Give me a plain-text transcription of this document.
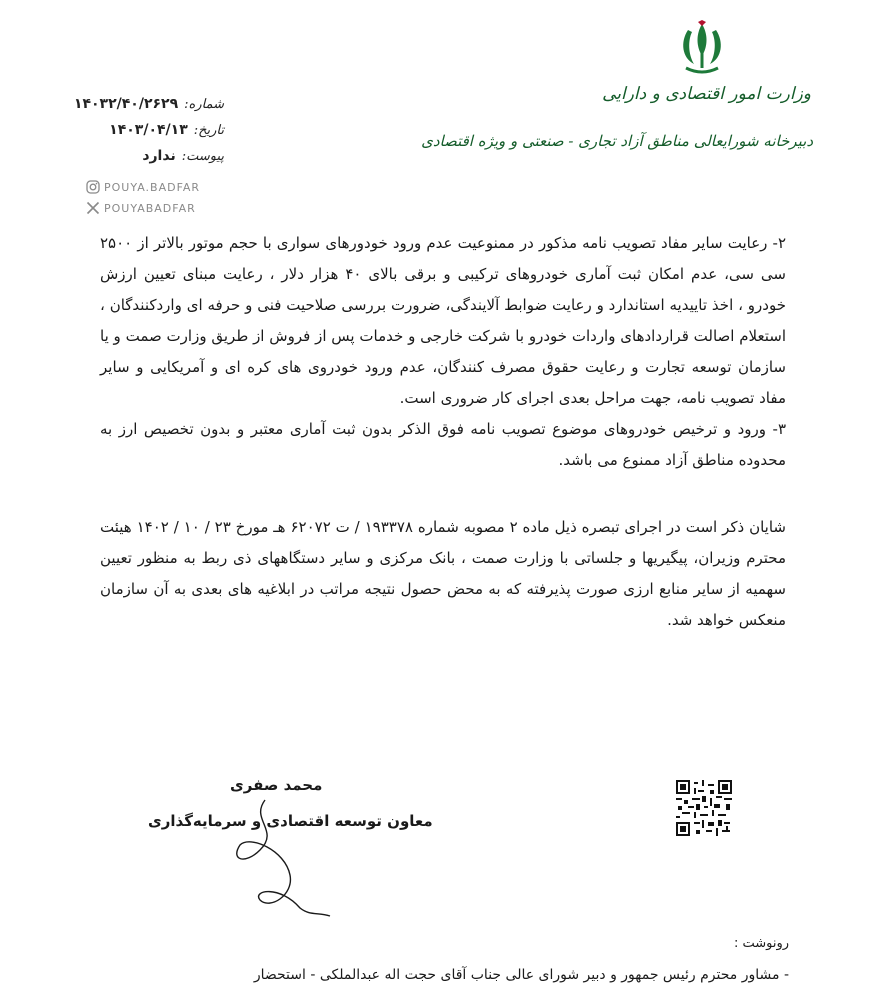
وزارت امور اقتصادی و دارایی
دبیرخانه شورایعالی مناطق آزاد تجاری - صنعتی و ویژه اقتصادی
شماره:
۱۴۰۳۲/۴۰/۲۶۲۹
تاریخ:
۱۴۰۳/۰۴/۱۳
پیوست:
ندارد
POUYA.BADFAR
POUYABADFAR

۲- رعایت سایر مفاد تصویب نامه مذکور در ممنوعیت عدم ورود خودورهای سواری با حجم موتور بالاتر از ۲۵۰۰ سی سی، عدم امکان ثبت آماری خودروهای ترکیبی و برقی بالای ۴۰ هزار دلار ، رعایت مبنای تعیین ارزش خودرو ، اخذ تاییدیه استاندارد و رعایت ضوابط آلایندگی، ضرورت بررسی صلاحیت فنی و حرفه ای واردکنندگان ، استعلام اصالت قراردادهای واردات خودرو با شرکت خارجی و خدمات پس از فروش از طریق وزارت صمت و یا سازمان توسعه تجارت و رعایت حقوق مصرف کنندگان، عدم ورود خودروی های کره ای و آمریکایی و سایر مفاد تصویب نامه، جهت مراحل بعدی اجرای کار ضروری است.

۳- ورود و ترخیص خودروهای موضوع تصویب نامه فوق الذکر بدون ثبت آماری معتبر و بدون تخصیص ارز به محدوده مناطق آزاد ممنوع می باشد.

شایان ذکر است در اجرای تبصره ذیل ماده ۲ مصوبه شماره ۱۹۳۳۷۸ / ت ۶۲۰۷۲ هـ مورخ ۲۳ / ۱۰ / ۱۴۰۲ هیئت محترم وزیران، پیگیریها و جلساتی با وزارت صمت ، بانک مرکزی و سایر دستگاههای ذی ربط به منظور تعیین سهمیه از سایر منابع ارزی صورت پذیرفته که به محض حصول نتیجه مراتب در ابلاغیه های بعدی به آن سازمان منعکس خواهد شد.

محمد صفری
معاون توسعه اقتصادی و سرمایه‌گذاری
رونوشت :
- مشاور محترم رئیس جمهور و دبیر شورای عالی جناب آقای حجت اله عبدالملکی - استحضار
